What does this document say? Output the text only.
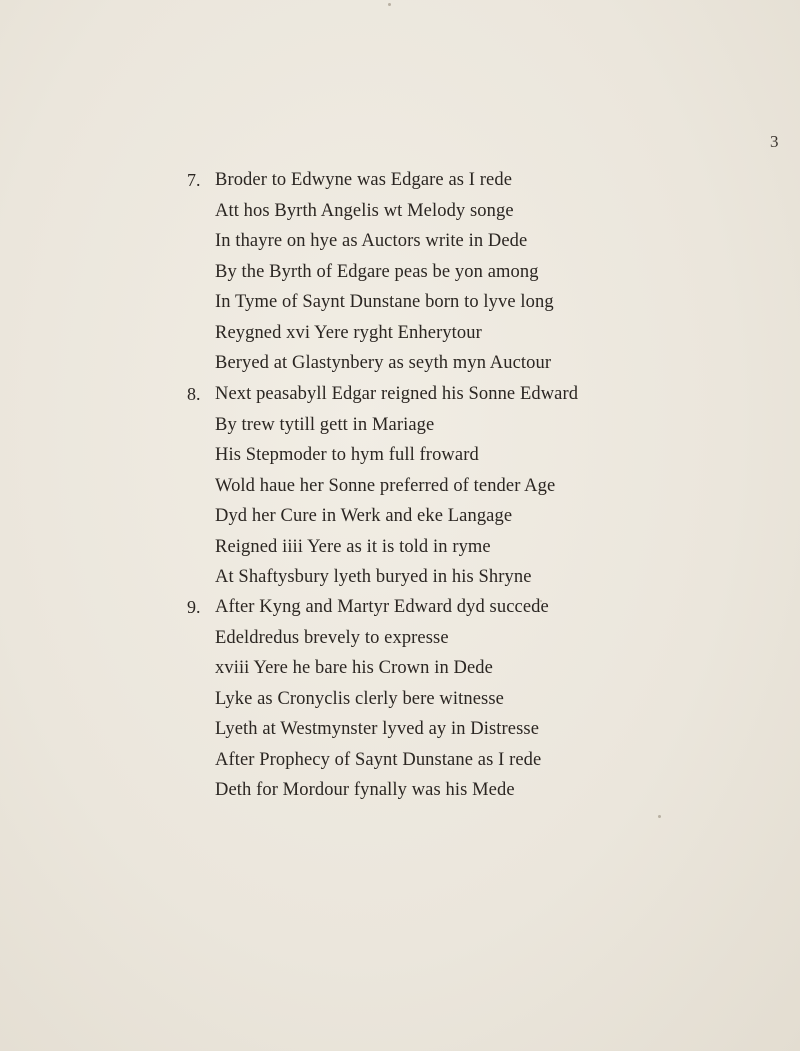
3
7. Broder to Edwyne was Edgare as I rede
Att hos Byrth Angelis wt Melody songe
In thayre on hye as Auctors write in Dede
By the Byrth of Edgare peas be yon among
In Tyme of Saynt Dunstane born to lyve long
Reygned xvi Yere ryght Enherytour
Beryed at Glastynbery as seyth myn Auctour
8. Next peasabyll Edgar reigned his Sonne Edward
By trew tytill gett in Mariage
His Stepmoder to hym full froward
Wold haue her Sonne preferred of tender Age
Dyd her Cure in Werk and eke Langage
Reigned iiii Yere as it is told in ryme
At Shaftysbury lyeth buryed in his Shryne
9. After Kyng and Martyr Edward dyd succede
Edeldredus brevely to expresse
xviii Yere he bare his Crown in Dede
Lyke as Cronyclis clerly bere witnesse
Lyeth at Westmynster lyved ay in Distresse
After Prophecy of Saynt Dunstane as I rede
Deth for Mordour fynally was his Mede
